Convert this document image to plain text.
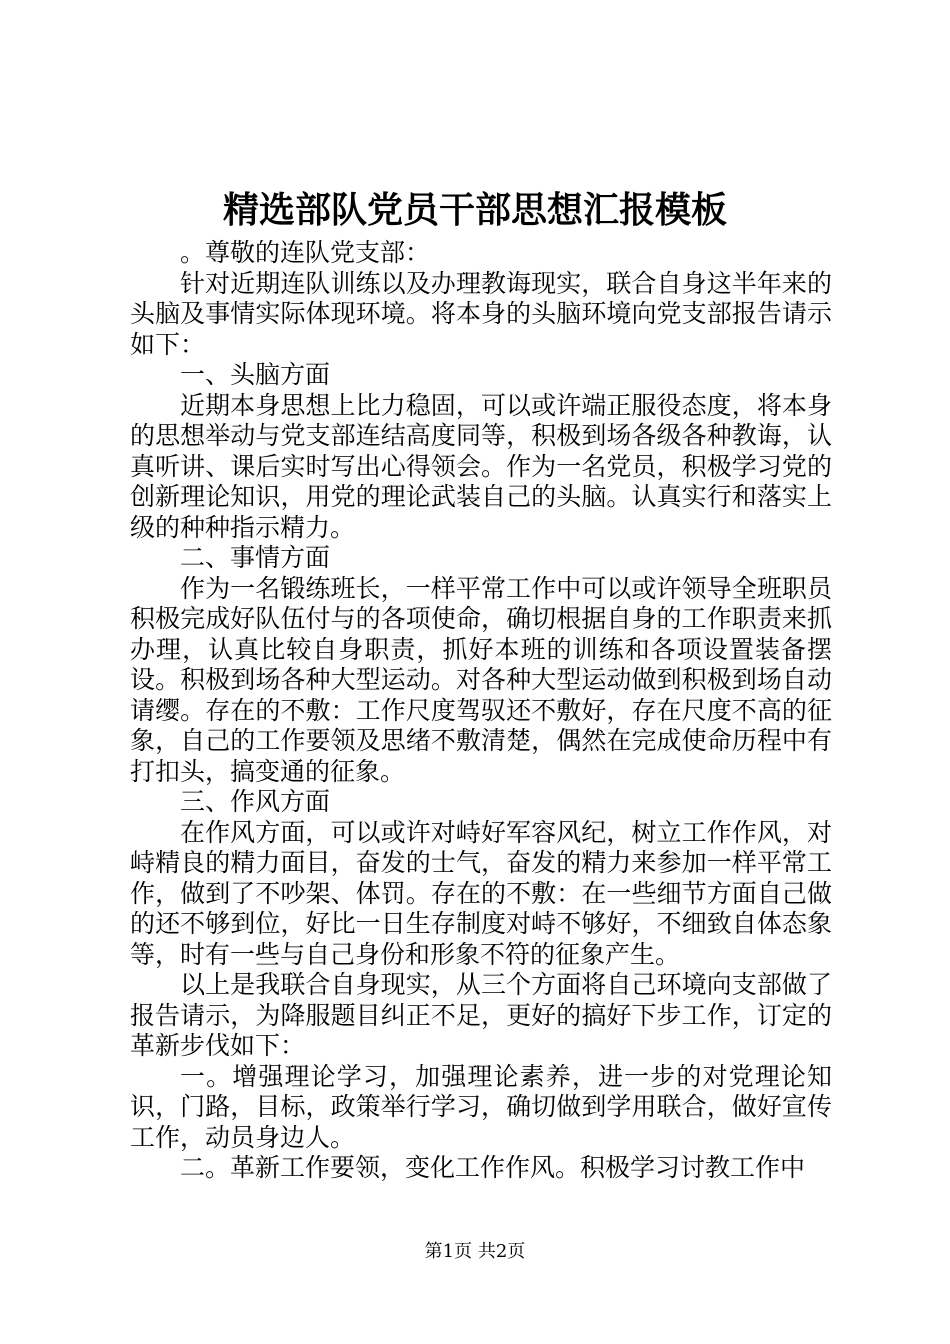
精选部队党员干部思想汇报模板

。尊敬的连队党支部：

针对近期连队训练以及办理教诲现实，联合自身这半年来的头脑及事情实际体现环境。将本身的头脑环境向党支部报告请示如下：

一、头脑方面

近期本身思想上比力稳固，可以或许端正服役态度，将本身的思想举动与党支部连结高度同等，积极到场各级各种教诲，认真听讲、课后实时写出心得领会。作为一名党员，积极学习党的创新理论知识，用党的理论武装自己的头脑。认真实行和落实上级的种种指示精力。

二、事情方面

作为一名锻练班长，一样平常工作中可以或许领导全班职员积极完成好队伍付与的各项使命，确切根据自身的工作职责来抓办理，认真比较自身职责，抓好本班的训练和各项设置装备摆设。积极到场各种大型运动。对各种大型运动做到积极到场自动请缨。存在的不敷：工作尺度驾驭还不敷好，存在尺度不高的征象，自己的工作要领及思绪不敷清楚，偶然在完成使命历程中有打扣头，搞变通的征象。

三、作风方面

在作风方面，可以或许对峙好军容风纪，树立工作作风，对峙精良的精力面目，奋发的士气，奋发的精力来参加一样平常工作，做到了不吵架、体罚。存在的不敷：在一些细节方面自己做的还不够到位，好比一日生存制度对峙不够好，不细致自体态象等，时有一些与自己身份和形象不符的征象产生。

以上是我联合自身现实，从三个方面将自己环境向支部做了报告请示，为降服题目纠正不足，更好的搞好下步工作，订定的革新步伐如下：

一。增强理论学习，加强理论素养，进一步的对党理论知识，门路，目标，政策举行学习，确切做到学用联合，做好宣传工作，动员身边人。

二。革新工作要领，变化工作作风。积极学习讨教工作中

第1页 共2页
